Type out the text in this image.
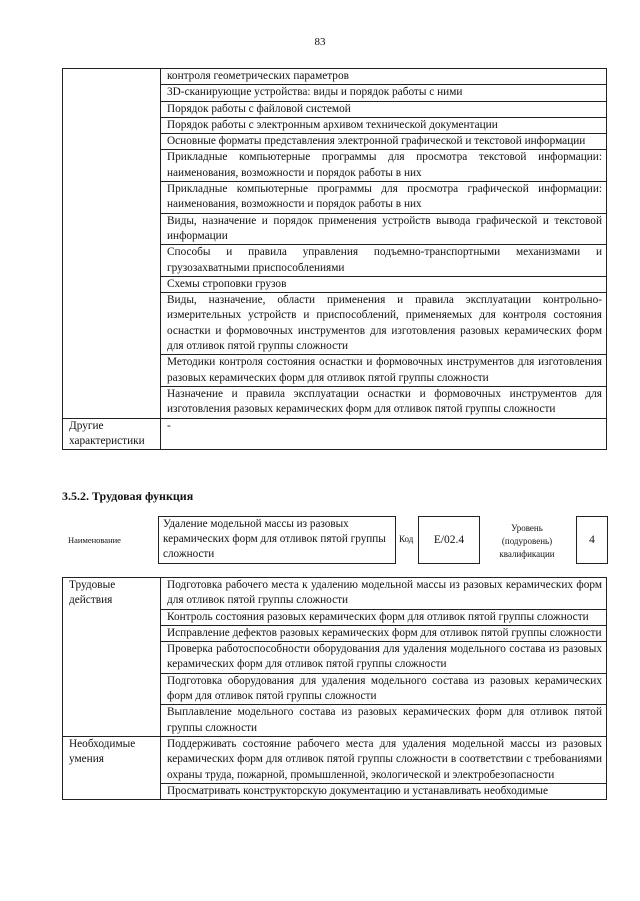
83
	контроля геометрических параметров
	3D-сканирующие устройства: виды и порядок работы с ними
	Порядок работы с файловой системой
	Порядок работы с электронным архивом технической документации
	Основные форматы представления электронной графической и текстовой информации
	Прикладные компьютерные программы для просмотра текстовой информации: наименования, возможности и порядок работы в них
	Прикладные компьютерные программы для просмотра графической информации: наименования, возможности и порядок работы в них
	Виды, назначение и порядок применения устройств вывода графической и текстовой информации
	Способы и правила управления подъемно-транспортными механизмами и грузозахватными приспособлениями
	Схемы строповки грузов
	Виды, назначение, области применения и правила эксплуатации контрольно-измерительных устройств и приспособлений, применяемых для контроля состояния оснастки и формовочных инструментов для изготовления разовых керамических форм для отливок пятой группы сложности
	Методики контроля состояния оснастки и формовочных инструментов для изготовления разовых керамических форм для отливок пятой группы сложности
	Назначение и правила эксплуатации оснастки и формовочных инструментов для изготовления разовых керамических форм для отливок пятой группы сложности
Другие характеристики	-
3.5.2. Трудовая функция
Наименование
Удаление модельной массы из разовых керамических форм для отливок пятой группы сложности
Код	E/02.4
Уровень (подуровень) квалификации
4
Трудовые действия	Подготовка рабочего места к удалению модельной массы из разовых керамических форм для отливок пятой группы сложности
	Контроль состояния разовых керамических форм для отливок пятой группы сложности
	Исправление дефектов разовых керамических форм для отливок пятой группы сложности
	Проверка работоспособности оборудования для удаления модельного состава из разовых керамических форм для отливок пятой группы сложности
	Подготовка оборудования для удаления модельного состава из разовых керамических форм для отливок пятой группы сложности
	Выплавление модельного состава из разовых керамических форм для отливок пятой группы сложности
Необходимые умения	Поддерживать состояние рабочего места для удаления модельной массы из разовых керамических форм для отливок пятой группы сложности в соответствии с требованиями охраны труда, пожарной, промышленной, экологической и электробезопасности
	Просматривать конструкторскую документацию и устанавливать необходимые
